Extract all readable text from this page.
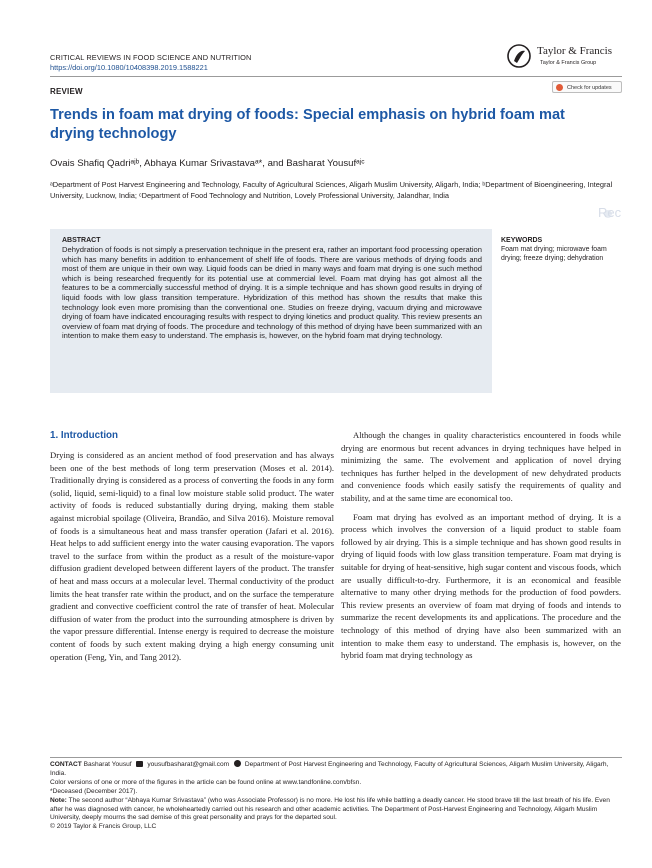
CRITICAL REVIEWS IN FOOD SCIENCE AND NUTRITION
https://doi.org/10.1080/10408398.2019.1588221
Taylor & Francis
Taylor & Francis Group
REVIEW	Check for updates
Trends in foam mat drying of foods: Special emphasis on hybrid foam mat drying technology
Ovais Shafiq Qadriᵃʲᵇ, Abhaya Kumar Srivastavaᵃ*, and Basharat Yousufᵃʲᶜ
ᵃDepartment of Post Harvest Engineering and Technology, Faculty of Agricultural Sciences, Aligarh Muslim University, Aligarh, India; ᵇDepartment of Bioengineering, Integral University, Lucknow, India; ᶜDepartment of Food Technology and Nutrition, Lovely Professional University, Jalandhar, India
Rec
ABSTRACT
Dehydration of foods is not simply a preservation technique in the present era, rather an important food processing operation which has many benefits in addition to enhancement of shelf life of foods. There are various methods of drying foods and most of them are unique in their own way. Liquid foods can be dried in many ways and foam mat drying is one such method which is being researched frequently for its potential use at commercial level. Foam mat drying has got almost all the features to be a commercially successful method of drying. It is a simple technique and has shown good results in drying of liquid foods with low glass transition temperature. Hybridization of this method has shown the results that make this technology look even more promising than the conventional one. Studies on freeze drying, vacuum drying and microwave drying of foam have indicated encouraging results with respect to drying kinetics and product quality. This review presents an overview of foam mat drying of foods. The procedure and technology of this method of drying have been summarized with an intention to make them easy to understand. The emphasis is, however, on the hybrid foam mat drying technology.
KEYWORDS
Foam mat drying; microwave foam drying; freeze drying; dehydration
1. Introduction

Drying is considered as an ancient method of food preservation and has always been one of the best methods of long term preservation (Moses et al. 2014). Traditionally drying is considered as a process of converting the foods in any form (solid, liquid, semi-liquid) to a final low moisture stable solid product. The water activity of foods is reduced substantially during drying, making them stable against microbial spoilage (Oliveira, Brandão, and Silva 2016). Moisture removal of foods is a simultaneous heat and mass transfer operation (Jafari et al. 2016). Heat helps to add sufficient energy into the water causing evaporation. The vapors travel to the surface from within the product as a result of the moisture-vapor diffusion gradient developed between different layers of the product. The transfer of heat and mass occurs at a molecular level. Thermal conductivity of the product limits the heat transfer rate within the product, and on the surface the temperature gradient and convective coefficient control the rate of transfer of heat. Molecular diffusion of water from the product into the surrounding atmosphere is driven by the vapor pressure differential. Intense energy is required to decrease the moisture content of foods by such extent making drying a high energy consuming unit operation (Feng, Yin, and Tang 2012).

Although the changes in quality characteristics encountered in foods while drying are enormous but recent advances in drying techniques have helped in minimizing the same. The evolvement and application of novel drying techniques has further helped in the development of new dehydrated products and convenience foods which easily satisfy the requirements of quality and stability, and at the same time are economical too.

Foam mat drying has evolved as an important method of drying. It is a process which involves the conversion of a liquid product to stable foam followed by air drying. This is a simple technique and has shown good results in drying of liquid foods with low glass transition temperature. Foam mat drying is suitable for drying of heat-sensitive, high sugar content and viscous foods, which are usually difficult-to-dry. Furthermore, it is an economical and feasible alternative to many other drying methods for the production of food powders. This review presents an overview of foam mat drying of foods and intends to summarize the recent developments its and applications. The procedure and the technology of this method of drying have also been summarized with an intention to make them easy to understand. The emphasis is, however, on the hybrid foam mat drying technology as

CONTACT Basharat Yousuf yousufbasharat@gmail.com Department of Post Harvest Engineering and Technology, Faculty of Agricultural Sciences, Aligarh Muslim University, Aligarh, India.

Color versions of one or more of the figures in the article can be found online at www.tandfonline.com/bfsn.

*Deceased (December 2017).

Note: The second author “Abhaya Kumar Srivastava” (who was Associate Professor) is no more. He lost his life while battling a deadly cancer. He stood brave till the last breath of his life. Even after he was diagnosed with cancer, he wholeheartedly carried out his research and other academic activities. The Department of Post-Harvest Engineering and Technology, Aligarh Muslim University, deeply mourns the sad demise of this great personality and prays for the departed soul.

© 2019 Taylor & Francis Group, LLC
